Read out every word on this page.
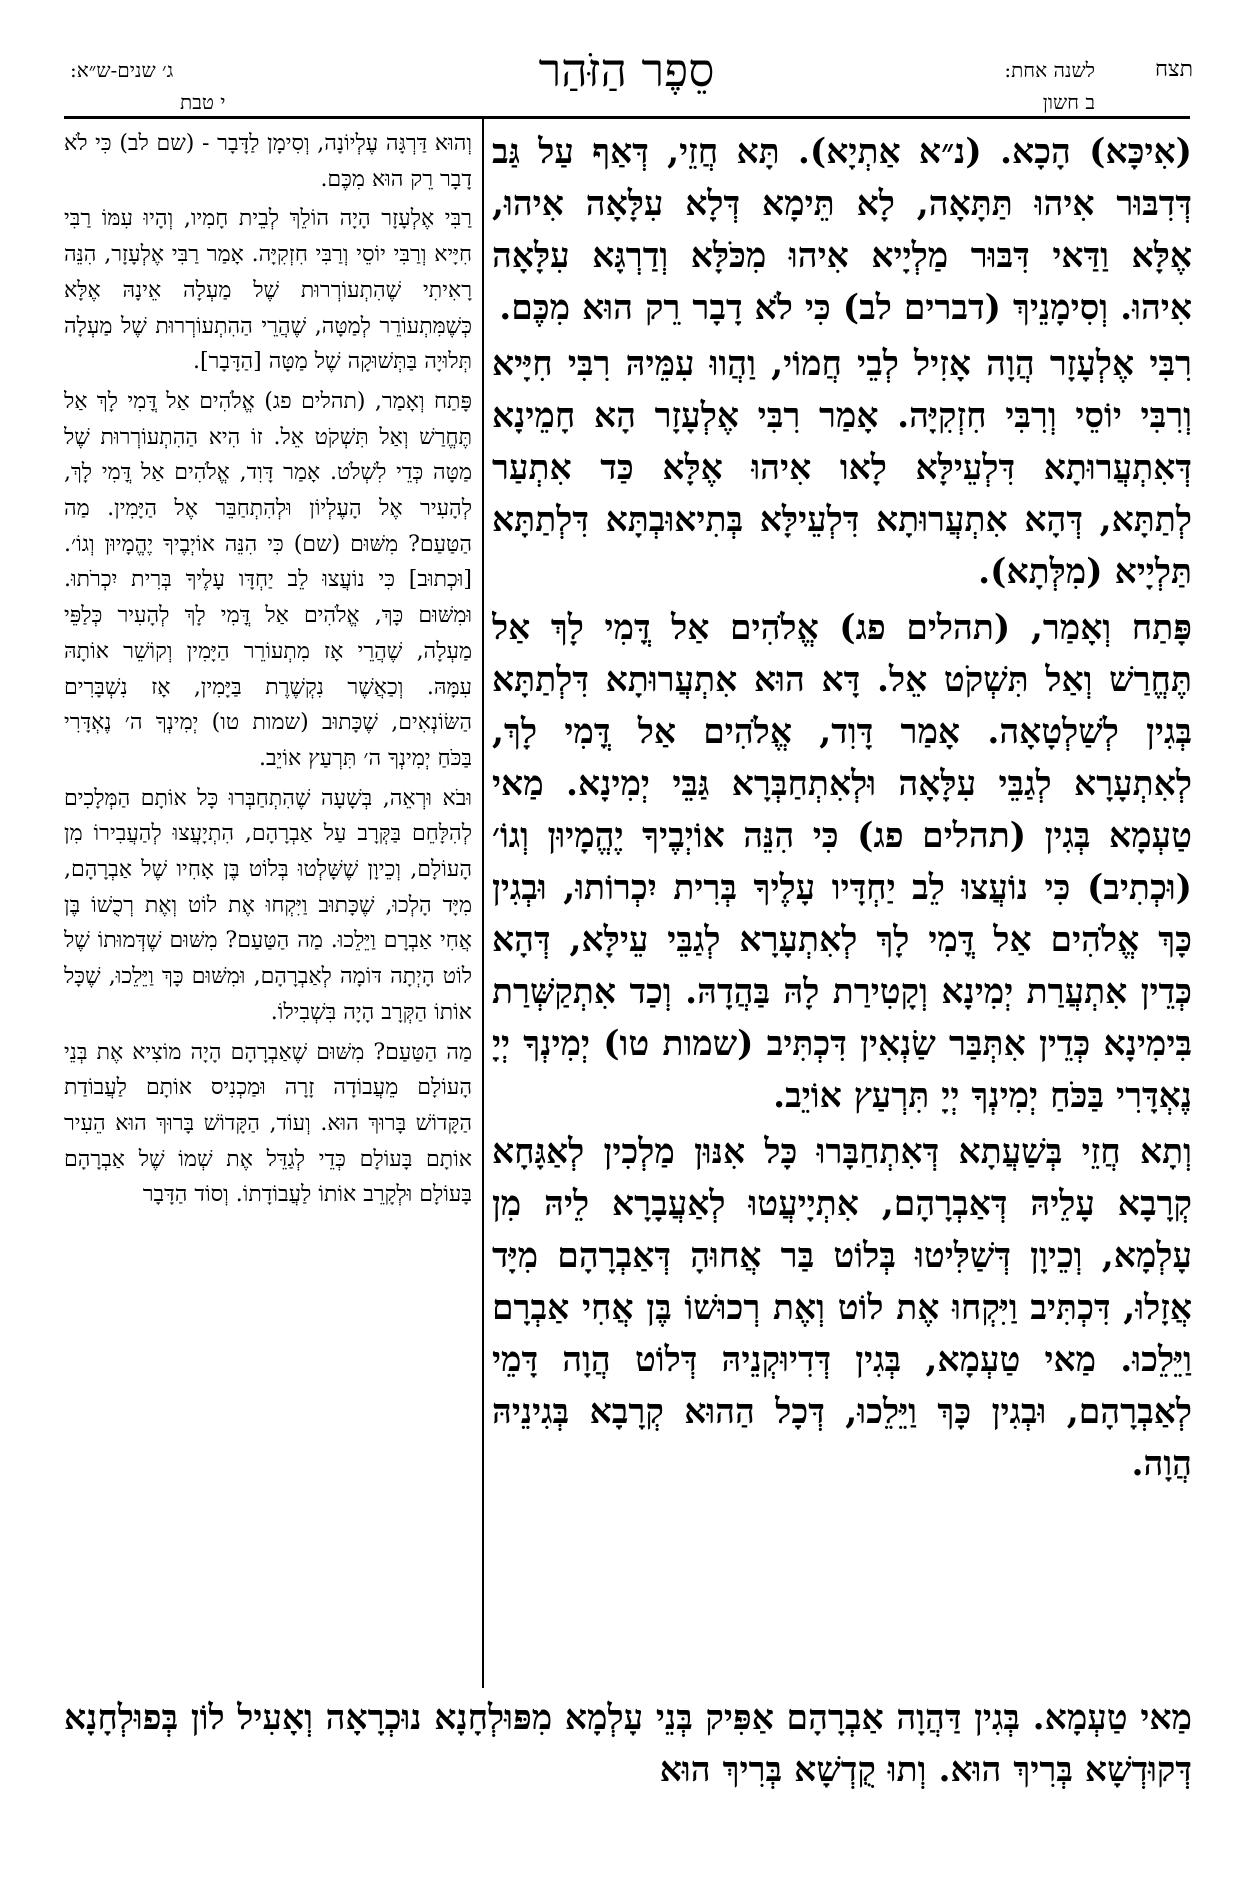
תצח
לשנה אחת:
ב חשון
סֵפֶר הַזֹּהַר
ג׳ שנים-ש״א:
י טבת

(אִיכָּא) הָכָא. (נ״א אַתְיָא). תָּא חֲזֵי, דְּאַף עַל גַּב דְּדִבּוּר אִיהוּ תַּתָּאָה, לָא תֵּימָא דְּלָא עִלָּאָה אִיהוּ, אֶלָּא וַדַּאי דִּבּוּר מַלְיָיא אִיהוּ מִכֹּלָּא וְדַרְגָּא עִלָּאָה אִיהוּ. וְסִימָנֵיךְ (דברים לב) כִּי לֹא דָבָר רֵק הוּא מִכֶּם.

רִבִּי אֶלְעָזָר הֲוָה אָזִיל לְבֵי חֲמוֹי, וַהֲווּ עִמֵּיהּ רִבִּי חִיָּיא וְרִבִּי יוֹסֵי וְרִבִּי חִזְקִיָּה. אָמַר רִבִּי אֶלְעָזָר הָא חָמֵינָא דְּאִתְעֲרוּתָא דִּלְעֵילָּא לָאו אִיהוּ אֶלָּא כַּד אִתְעַר לְתַתָּא, דְּהָא אִתְעֲרוּתָא דִּלְעֵילָּא בְּתִיאוּבְתָּא דִּלְתַתָּא תַּלְיָיא (מִלְּתָא).

פָּתַח וְאָמַר, (תהלים פג) אֱלֹהִים אַל דֳּמִי לָךְ אַל תֶּחֱרַשׁ וְאַל תִּשְׁקֹט אֵל. דָּא הוּא אִתְעֲרוּתָא דִּלְתַתָּא בְּגִין לְשַׁלְטָאָה. אָמַר דָּוִד, אֱלֹהִים אַל דֳּמִי לָךְ, לְאִתְעָרָא לְגַבֵּי עִלָּאָה וּלְאִתְחַבְּרָא גַּבֵּי יְמִינָא. מַאי טַעְמָא בְּגִין (תהלים פג) כִּי הִנֵּה אוֹיְבֶיךָ יֶהֱמָיוּן וְגוֹ׳ (וּכְתִיב) כִּי נוֹעֲצוּ לֵב יַחְדָּיו עָלֶיךָ בְּרִית יִכְרוֹתוּ, וּבְגִין כָּךְ אֱלֹהִים אַל דֳּמִי לָךְ לְאִתְעָרָא לְגַבֵּי עֵילָּא, דְּהָא כְּדֵין אִתְעֲרַת יְמִינָא וְקָטִירַת לָהּ בַּהֲדָהּ. וְכַד אִתְקַשְּׁרַת בִּימִינָא כְּדֵין אִתְּבַּר שַׂנְאִין דִּכְתִּיב (שמות טו) יְמִינְךָ יְיָ נֶאְדָּרִי בַּכֹּחַ יְמִינְךָ יְיָ תִּרְעַץ אוֹיֵב.

וְתָא חֲזֵי בְּשַׁעֲתָא דְּאִתְחַבָּרוּ כָּל אִנּוּן מַלְכִין לְאַגָּחָא קְרָבָא עָלֵיהּ דְּאַבְרָהָם, אִתְיָיעֲטוּ לְאַעֲבָרָא לֵיהּ מִן עָלְמָא, וְכֵיוָן דְּשַׁלִּיטוּ בְּלוֹט בַּר אֲחוּהָ דְּאַבְרָהָם מִיָּד אֲזָלוּ, דִּכְתִּיב וַיִּקְחוּ אֶת לוֹט וְאֶת רְכוּשׁוֹ בֶּן אֲחִי אַבְרָם וַיֵּלֵכוּ. מַאי טַעְמָא, בְּגִין דְּדִיוּקְנֵיהּ דְּלוֹט הֲוָה דָּמֵי לְאַבְרָהָם, וּבְגִין כָּךְ וַיֵּלֵכוּ, דְּכָל הַהוּא קְרָבָא בְּגִינֵיהּ הֲוָה.

וְהוּא דַּרְגָּה עֶלְיוֹנָה, וְסִימָן לַדָּבָר - (שם לב) כִּי לֹא דָבָר רֵק הוּא מִכֶּם.

רַבִּי אֶלְעָזָר הָיָה הוֹלֵךְ לְבֵית חָמִיו, וְהָיוּ עִמּוֹ רַבִּי חִיָּיא וְרַבִּי יוֹסֵי וְרַבִּי חִזְקִיָּה. אָמַר רַבִּי אֶלְעָזָר, הִנֵּה רָאִיתִי שֶׁהִתְעוֹרְרוּת שֶׁל מַעְלָה אֵינָהּ אֶלָּא כְּשֶׁמִּתְעוֹרֵר לְמַטָּה, שֶׁהֲרֵי הַהִתְעוֹרְרוּת שֶׁל מַעְלָה תְּלוּיָה בַּתְּשׁוּקָה שֶׁל מַטָּה [הַדָּבָר].

פָּתַח וְאָמַר, (תהלים פג) אֱלֹהִים אַל דֳּמִי לָךְ אַל תֶּחֱרַשׁ וְאַל תִּשְׁקֹט אֵל. זוֹ הִיא הַהִתְעוֹרְרוּת שֶׁל מַטָּה כְּדֵי לִשְׁלֹט. אָמַר דָּוִד, אֱלֹהִים אַל דֳּמִי לָךְ, לְהָעִיר אֶל הָעֶלְיוֹן וּלְהִתְחַבֵּר אֶל הַיָּמִין. מַה הַטַּעַם? מִשּׁוּם (שם) כִּי הִנֵּה אוֹיְבֶיךָ יֶהֱמָיוּן וְגוֹ׳. [וּכְתוּב] כִּי נוֹעֲצוּ לֵב יַחְדָּו עָלֶיךָ בְּרִית יִכְרֹתוּ. וּמִשּׁוּם כָּךְ, אֱלֹהִים אַל דֳּמִי לָךְ לְהָעִיר כְּלַפֵּי מַעְלָה, שֶׁהֲרֵי אָז מִתְעוֹרֵר הַיָּמִין וְקוֹשֵׁר אוֹתָהּ עִמָּהּ. וְכַאֲשֶׁר נִקְשֶׁרֶת בַּיָּמִין, אָז נִשְׁבָּרִים הַשּׂוֹנְאִים, שֶׁכָּתוּב (שמות טו) יְמִינְךָ ה׳ נֶאְדָּרִי בַּכֹּחַ יְמִינְךָ ה׳ תִּרְעַץ אוֹיֵב.

וּבֹא וּרְאֵה, בְּשָׁעָה שֶׁהִתְחַבְּרוּ כָּל אוֹתָם הַמְּלָכִים לְהִלָּחֵם בַּקְּרָב עַל אַבְרָהָם, הִתְיָעֲצוּ לְהַעֲבִירוֹ מִן הָעוֹלָם, וְכֵיוָן שֶׁשָּׁלְטוּ בְּלוֹט בֶּן אָחִיו שֶׁל אַבְרָהָם, מִיָּד הָלְכוּ, שֶׁכָּתוּב וַיִּקְחוּ אֶת לוֹט וְאֶת רְכֻשׁוֹ בֶּן אֲחִי אַבְרָם וַיֵּלֵכוּ. מַה הַטַּעַם? מִשּׁוּם שֶׁדְּמוּתוֹ שֶׁל לוֹט הָיְתָה דּוֹמָה לְאַבְרָהָם, וּמִשּׁוּם כָּךְ וַיֵּלֵכוּ, שֶׁכָּל אוֹתוֹ הַקְּרָב הָיָה בִּשְׁבִילוֹ.

מַה הַטַּעַם? מִשּׁוּם שֶׁאַבְרָהָם הָיָה מוֹצִיא אֶת בְּנֵי הָעוֹלָם מֵעֲבוֹדָה זָרָה וּמַכְנִיס אוֹתָם לַעֲבוֹדַת הַקָּדוֹשׁ בָּרוּךְ הוּא. וְעוֹד, הַקָּדוֹשׁ בָּרוּךְ הוּא הֵעִיר אוֹתָם בָּעוֹלָם כְּדֵי לְגַדֵּל אֶת שְׁמוֹ שֶׁל אַבְרָהָם בָּעוֹלָם וּלְקָרֵב אוֹתוֹ לַעֲבוֹדָתוֹ. וְסוֹד הַדָּבָר

מַאי טַעְמָא. בְּגִין דַּהֲוָה אַבְרָהָם אַפִּיק בְּנֵי עָלְמָא מִפּוּלְחָנָא נוּכְרָאָה וְאָעִיל לוֹן בְּפוּלְחָנָא דְּקוּדְשָׁא בְּרִיךְ הוּא. וְתוּ קֻדְשָׁא בְּרִיךְ הוּא
